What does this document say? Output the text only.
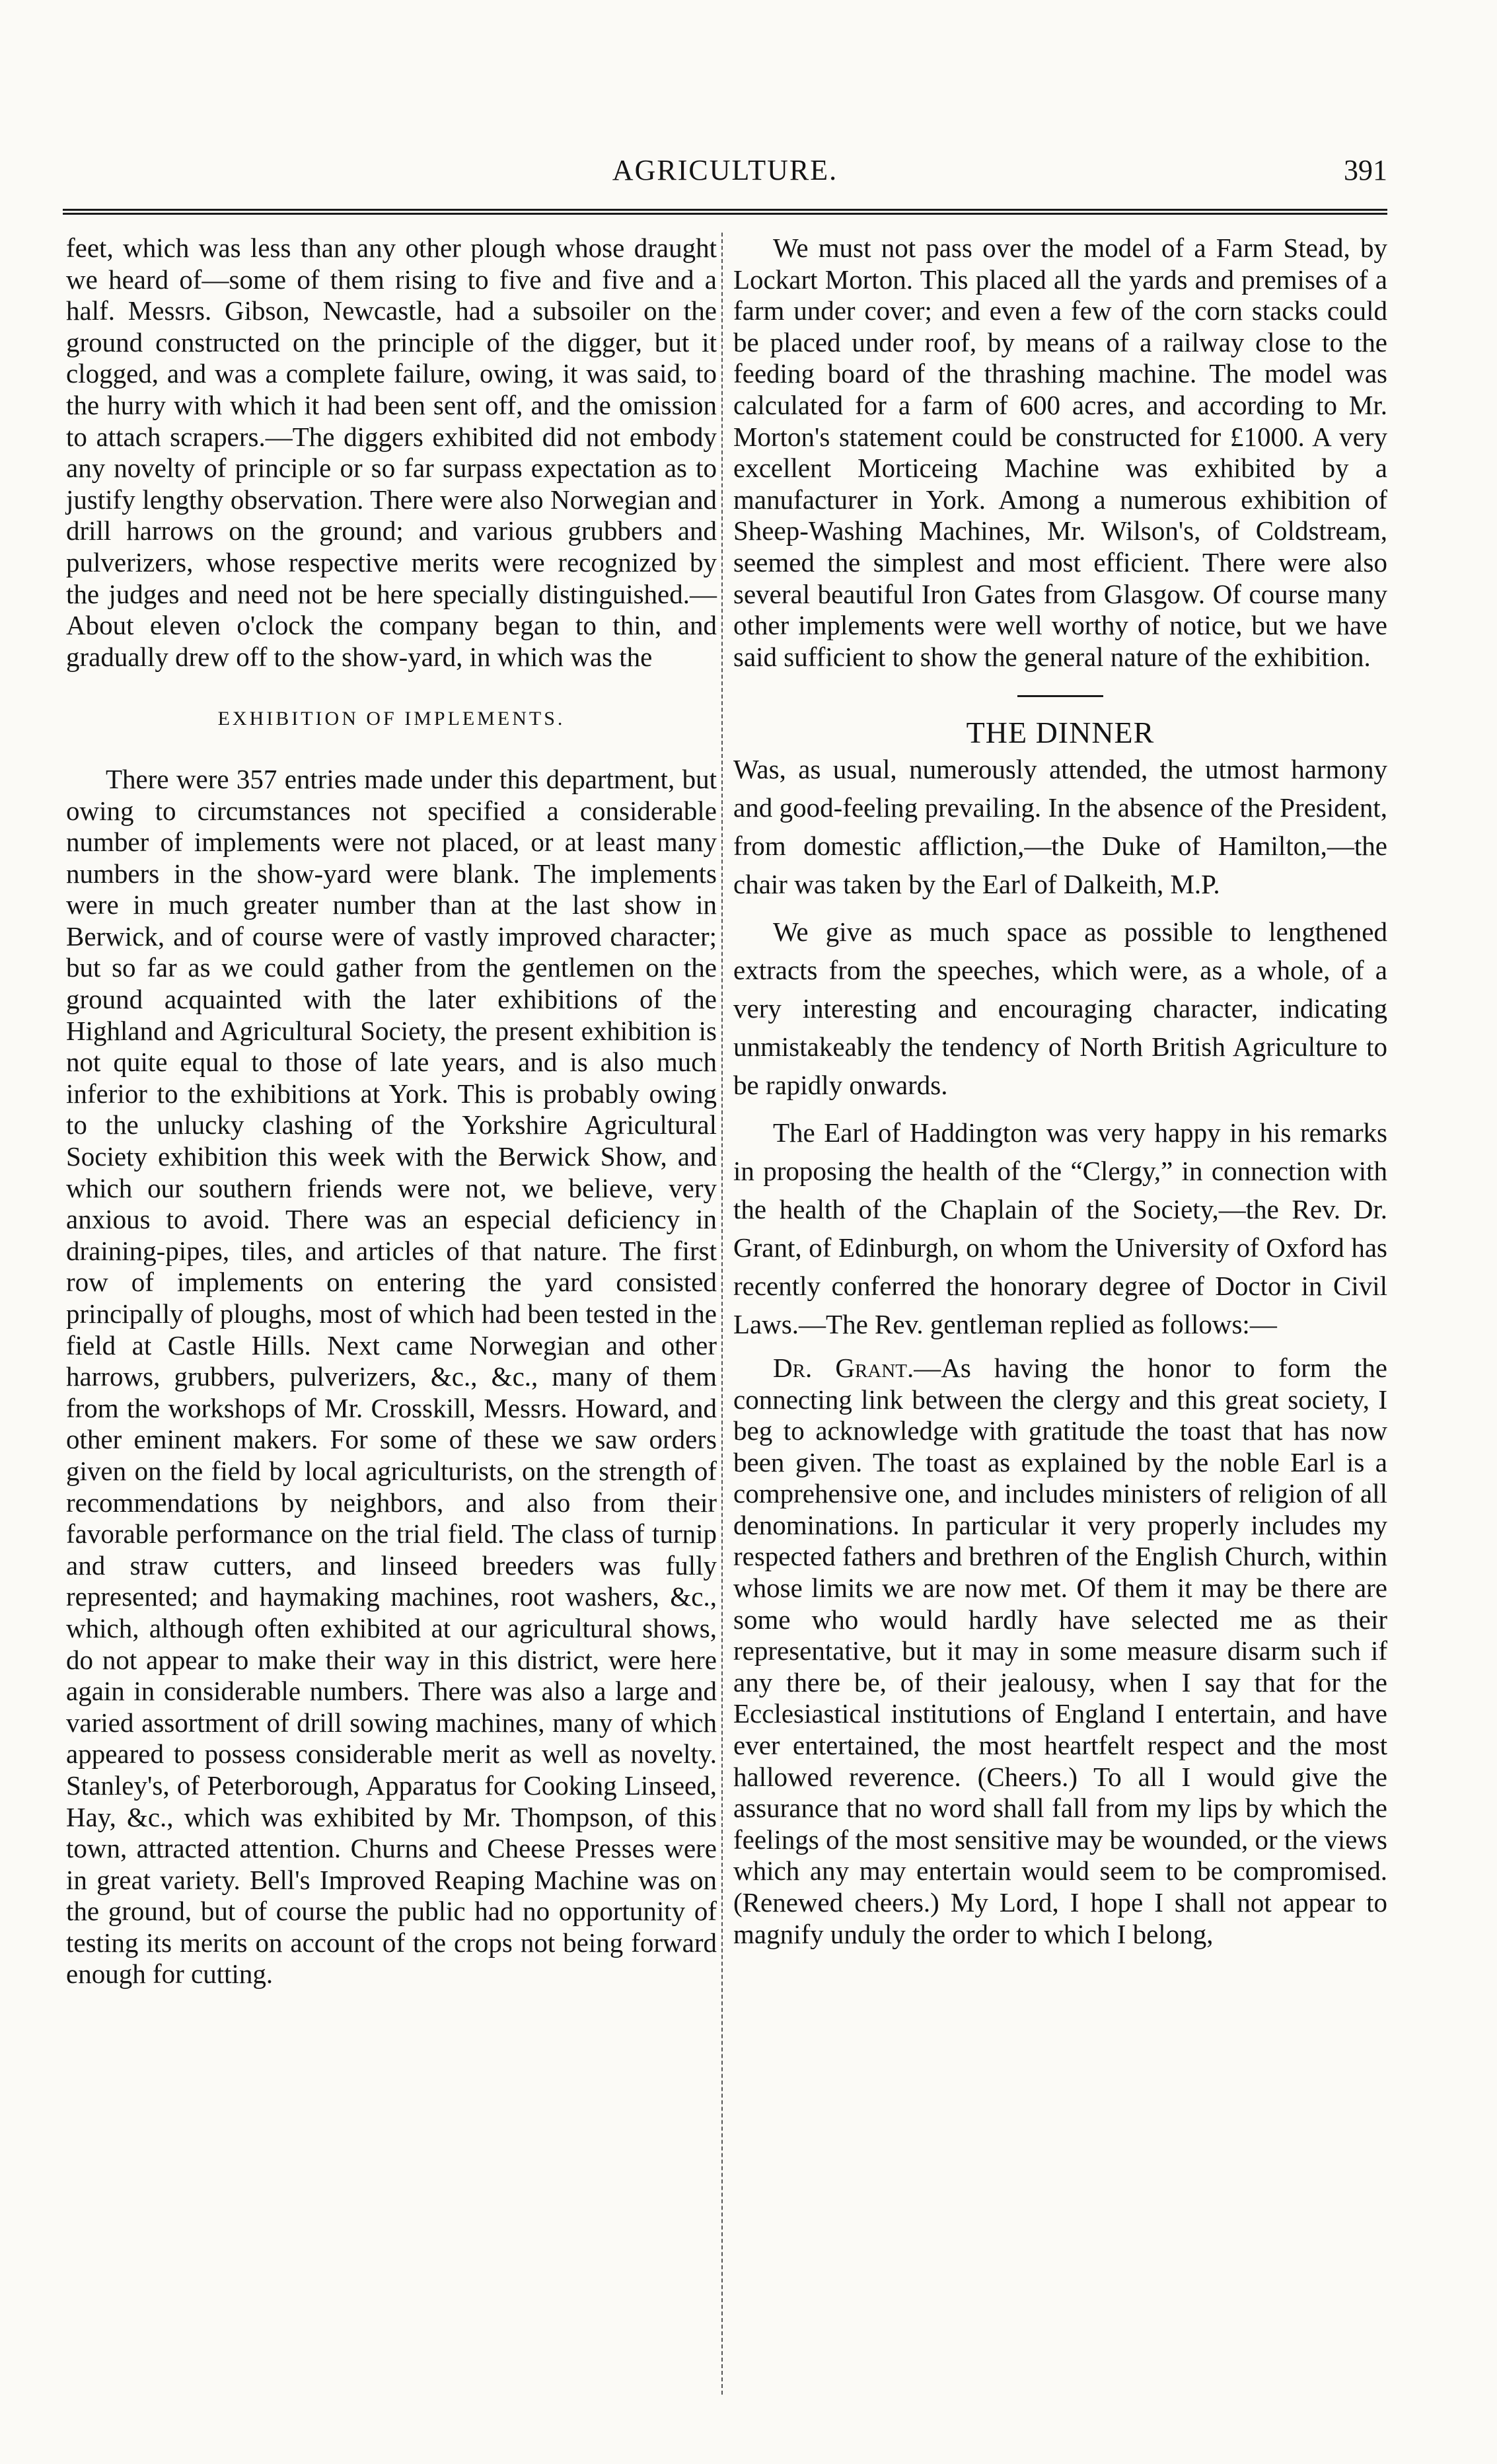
AGRICULTURE.	391

feet, which was less than any other plough whose draught we heard of—some of them rising to five and five and a half. Messrs. Gibson, Newcastle, had a subsoiler on the ground constructed on the principle of the digger, but it clogged, and was a complete failure, owing, it was said, to the hurry with which it had been sent off, and the omission to attach scrapers.—The diggers exhibited did not embody any novelty of principle or so far surpass expectation as to justify lengthy observation. There were also Norwegian and drill harrows on the ground; and various grubbers and pulverizers, whose respective merits were recognized by the judges and need not be here specially distinguished.—About eleven o'clock the company began to thin, and gradually drew off to the show-yard, in which was the

EXHIBITION OF IMPLEMENTS.

There were 357 entries made under this department, but owing to circumstances not specified a considerable number of implements were not placed, or at least many numbers in the show-yard were blank. The implements were in much greater number than at the last show in Berwick, and of course were of vastly improved character; but so far as we could gather from the gentlemen on the ground acquainted with the later exhibitions of the Highland and Agricultural Society, the present exhibition is not quite equal to those of late years, and is also much inferior to the exhibitions at York. This is probably owing to the unlucky clashing of the Yorkshire Agricultural Society exhibition this week with the Berwick Show, and which our southern friends were not, we believe, very anxious to avoid. There was an especial deficiency in draining-pipes, tiles, and articles of that nature. The first row of implements on entering the yard consisted principally of ploughs, most of which had been tested in the field at Castle Hills. Next came Norwegian and other harrows, grubbers, pulverizers, &c., &c., many of them from the workshops of Mr. Crosskill, Messrs. Howard, and other eminent makers. For some of these we saw orders given on the field by local agriculturists, on the strength of recommendations by neighbors, and also from their favorable performance on the trial field. The class of turnip and straw cutters, and linseed breeders was fully represented; and haymaking machines, root washers, &c., which, although often exhibited at our agricultural shows, do not appear to make their way in this district, were here again in considerable numbers. There was also a large and varied assortment of drill sowing machines, many of which appeared to possess considerable merit as well as novelty. Stanley's, of Peterborough, Apparatus for Cooking Linseed, Hay, &c., which was exhibited by Mr. Thompson, of this town, attracted attention. Churns and Cheese Presses were in great variety. Bell's Improved Reaping Machine was on the ground, but of course the public had no opportunity of testing its merits on account of the crops not being forward enough for cutting.

We must not pass over the model of a Farm Stead, by Lockart Morton. This placed all the yards and premises of a farm under cover; and even a few of the corn stacks could be placed under roof, by means of a railway close to the feeding board of the thrashing machine. The model was calculated for a farm of 600 acres, and according to Mr. Morton's statement could be constructed for £1000. A very excellent Morticeing Machine was exhibited by a manufacturer in York. Among a numerous exhibition of Sheep-Washing Machines, Mr. Wilson's, of Coldstream, seemed the simplest and most efficient. There were also several beautiful Iron Gates from Glasgow. Of course many other implements were well worthy of notice, but we have said sufficient to show the general nature of the exhibition.

THE DINNER

Was, as usual, numerously attended, the utmost harmony and good-feeling prevailing. In the absence of the President, from domestic affliction,—the Duke of Hamilton,—the chair was taken by the Earl of Dalkeith, M.P.

We give as much space as possible to lengthened extracts from the speeches, which were, as a whole, of a very interesting and encouraging character, indicating unmistakeably the tendency of North British Agriculture to be rapidly onwards.

The Earl of Haddington was very happy in his remarks in proposing the health of the “Clergy,” in connection with the health of the Chaplain of the Society,—the Rev. Dr. Grant, of Edinburgh, on whom the University of Oxford has recently conferred the honorary degree of Doctor in Civil Laws.—The Rev. gentleman replied as follows:—

Dr. Grant.—As having the honor to form the connecting link between the clergy and this great society, I beg to acknowledge with gratitude the toast that has now been given. The toast as explained by the noble Earl is a comprehensive one, and includes ministers of religion of all denominations. In particular it very properly includes my respected fathers and brethren of the English Church, within whose limits we are now met. Of them it may be there are some who would hardly have selected me as their representative, but it may in some measure disarm such if any there be, of their jealousy, when I say that for the Ecclesiastical institutions of England I entertain, and have ever entertained, the most heartfelt respect and the most hallowed reverence. (Cheers.) To all I would give the assurance that no word shall fall from my lips by which the feelings of the most sensitive may be wounded, or the views which any may entertain would seem to be compromised. (Renewed cheers.) My Lord, I hope I shall not appear to magnify unduly the order to which I belong,
